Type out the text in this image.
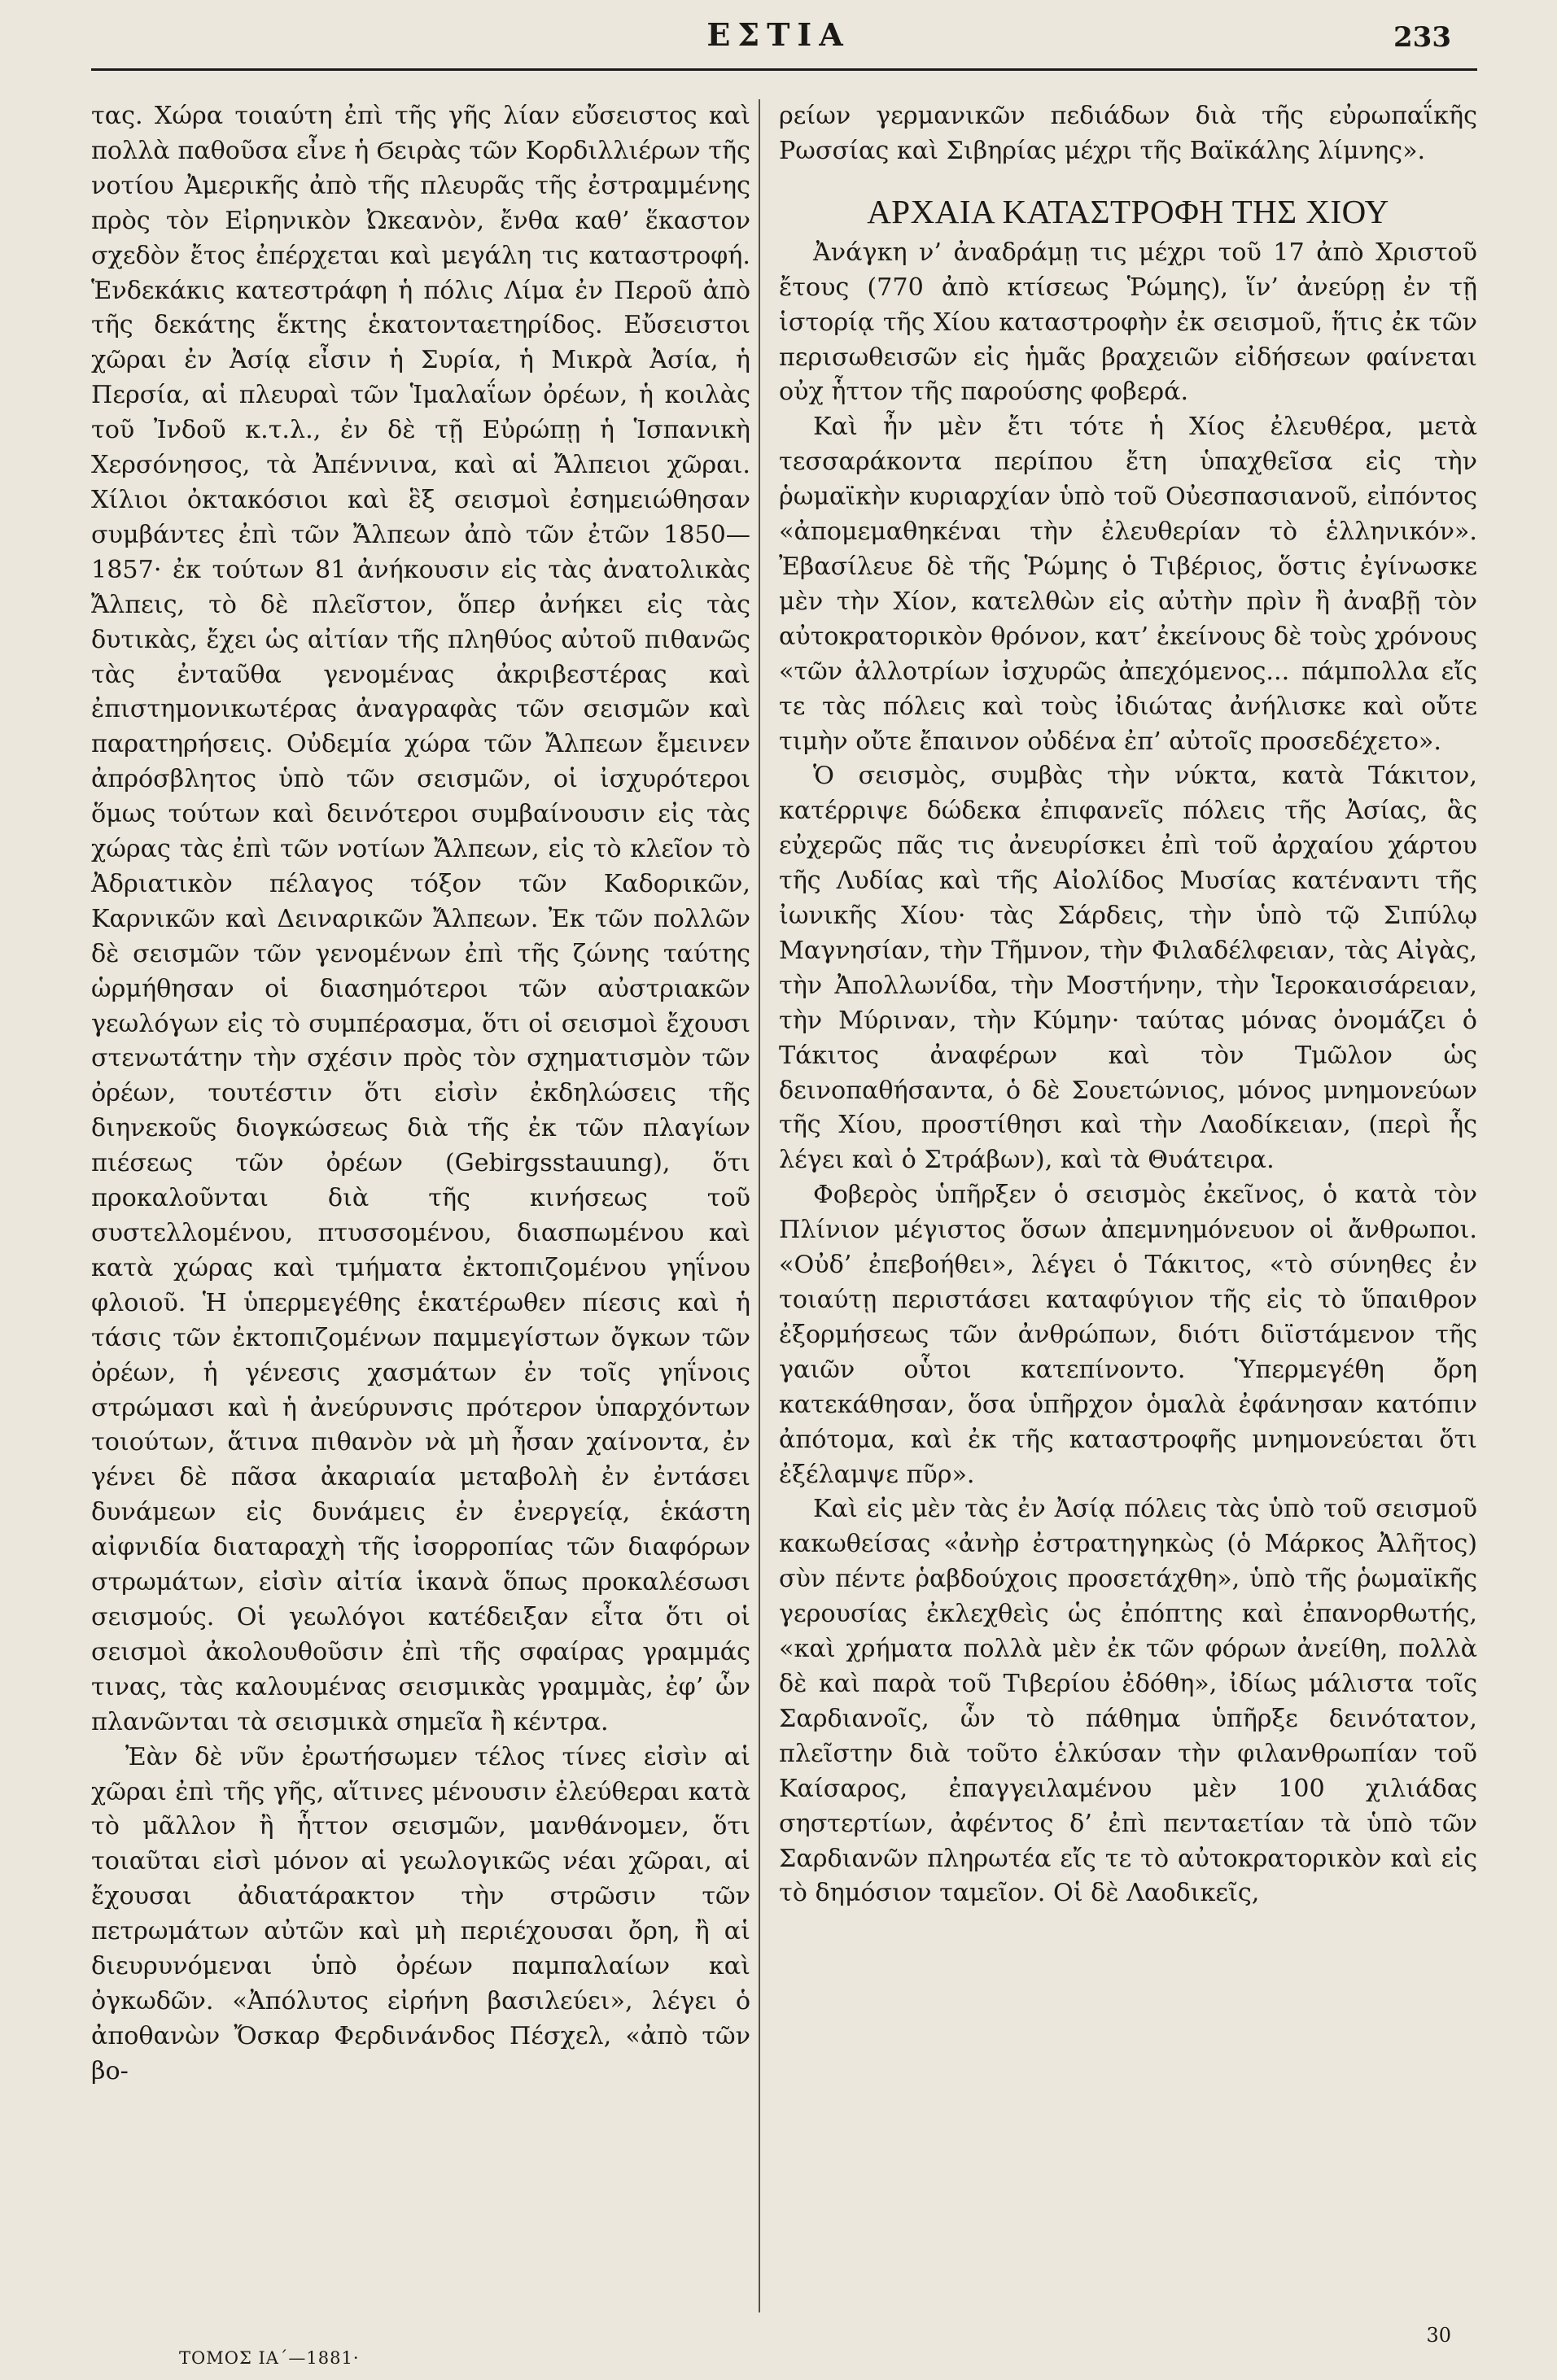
ΕΣΤΙΑ	233

τας. Χώρα τοιαύτη ἐπὶ τῆς γῆς λίαν εὔσειστος καὶ πολλὰ παθοῦσα εἶνε ἡ Ϭειρὰς τῶν Κορδιλλιέρων τῆς νοτίου Ἀμερικῆς ἀπὸ τῆς πλευρᾶς τῆς ἐστραμμένης πρὸς τὸν Εἰρηνικὸν Ὠκεανὸν, ἔνθα καθ’ ἕκαστον σχεδὸν ἔτος ἐπέρχεται καὶ μεγάλη τις καταστροφή. Ἑνδεκάκις κατεστράφη ἡ πόλις Λίμα ἐν Περοῦ ἀπὸ τῆς δεκάτης ἕκτης ἑκατονταετηρίδος. Εὔσειστοι χῶραι ἐν Ἀσίᾳ εἶσιν ἡ Συρία, ἡ Μικρὰ Ἀσία, ἡ Περσία, αἱ πλευραὶ τῶν Ἱμαλαΐων ὀρέων, ἡ κοιλὰς τοῦ Ἰνδοῦ κ.τ.λ., ἐν δὲ τῇ Εὐρώπῃ ἡ Ἱσπανικὴ Χερσόνησος, τὰ Ἀπέννινα, καὶ αἱ Ἄλπειοι χῶραι. Χίλιοι ὀκτακόσιοι καὶ ἓξ σεισμοὶ ἐσημειώθησαν συμβάντες ἐπὶ τῶν Ἄλπεων ἀπὸ τῶν ἐτῶν 1850—1857· ἐκ τούτων 81 ἀνήκουσιν εἰς τὰς ἀνατολικὰς Ἄλπεις, τὸ δὲ πλεῖστον, ὅπερ ἀνήκει εἰς τὰς δυτικὰς, ἔχει ὡς αἰτίαν τῆς πληθύος αὐτοῦ πιθανῶς τὰς ἐνταῦθα γενομένας ἀκριβεστέρας καὶ ἐπιστημονικωτέρας ἀναγραφὰς τῶν σεισμῶν καὶ παρατηρήσεις. Οὐδεμία χώρα τῶν Ἄλπεων ἔμεινεν ἀπρόσβλητος ὑπὸ τῶν σεισμῶν, οἱ ἰσχυρότεροι ὅμως τούτων καὶ δεινότεροι συμβαίνουσιν εἰς τὰς χώρας τὰς ἐπὶ τῶν νοτίων Ἄλπεων, εἰς τὸ κλεῖον τὸ Ἀδριατικὸν πέλαγος τόξον τῶν Καδορικῶν, Καρνικῶν καὶ Δειναρικῶν Ἄλπεων. Ἐκ τῶν πολλῶν δὲ σεισμῶν τῶν γενομένων ἐπὶ τῆς ζώνης ταύτης ὡρμήθησαν οἱ διασημότεροι τῶν αὐστριακῶν γεωλόγων εἰς τὸ συμπέρασμα, ὅτι οἱ σεισμοὶ ἔχουσι στενωτάτην τὴν σχέσιν πρὸς τὸν σχηματισμὸν τῶν ὀρέων, τουτέστιν ὅτι εἰσὶν ἐκδηλώσεις τῆς διηνεκοῦς διογκώσεως διὰ τῆς ἐκ τῶν πλαγίων πιέσεως τῶν ὀρέων (Gebirgsstauung), ὅτι προκαλοῦνται διὰ τῆς κινήσεως τοῦ συστελλομένου, πτυσσομένου, διασπωμένου καὶ κατὰ χώρας καὶ τμήματα ἐκτοπιζομένου γηΐνου φλοιοῦ. Ἡ ὑπερμεγέθης ἑκατέρωθεν πίεσις καὶ ἡ τάσις τῶν ἐκτοπιζομένων παμμεγίστων ὄγκων τῶν ὀρέων, ἡ γένεσις χασμάτων ἐν τοῖς γηΐνοις στρώμασι καὶ ἡ ἀνεύρυνσις πρότερον ὑπαρχόντων τοιούτων, ἅτινα πιθανὸν νὰ μὴ ἦσαν χαίνοντα, ἐν γένει δὲ πᾶσα ἀκαριαία μεταβολὴ ἐν ἐντάσει δυνάμεων εἰς δυνάμεις ἐν ἐνεργείᾳ, ἑκάστη αἰφνιδία διαταραχὴ τῆς ἰσορροπίας τῶν διαφόρων στρωμάτων, εἰσὶν αἰτία ἱκανὰ ὅπως προκαλέσωσι σεισμούς. Οἱ γεωλόγοι κατέδειξαν εἶτα ὅτι οἱ σεισμοὶ ἀκολουθοῦσιν ἐπὶ τῆς σφαίρας γραμμάς τινας, τὰς καλουμένας σεισμικὰς γραμμὰς, ἐφ’ ὧν πλανῶνται τὰ σεισμικὰ σημεῖα ἢ κέντρα.

Ἐὰν δὲ νῦν ἐρωτήσωμεν τέλος τίνες εἰσὶν αἱ χῶραι ἐπὶ τῆς γῆς, αἵτινες μένουσιν ἐλεύθεραι κατὰ τὸ μᾶλλον ἢ ἧττον σεισμῶν, μανθάνομεν, ὅτι τοιαῦται εἰσὶ μόνον αἱ γεωλογικῶς νέαι χῶραι, αἱ ἔχουσαι ἀδιατάρακτον τὴν στρῶσιν τῶν πετρωμάτων αὐτῶν καὶ μὴ περιέχουσαι ὄρη, ἢ αἱ διευρυνόμεναι ὑπὸ ὀρέων παμπαλαίων καὶ ὀγκωδῶν. «Ἀπόλυτος εἰρήνη βασιλεύει», λέγει ὁ ἀποθανὼν Ὄσκαρ Φερδινάνδος Πέσχελ, «ἀπὸ τῶν βο-

ρείων γερμανικῶν πεδιάδων διὰ τῆς εὐρωπαΐκῆς Ρωσσίας καὶ Σιβηρίας μέχρι τῆς Βαϊκάλης λίμνης».

ΑΡΧΑΙΑ ΚΑΤΑΣΤΡΟΦΗ ΤΗΣ ΧΙΟΥ

Ἀνάγκη ν’ ἀναδράμῃ τις μέχρι τοῦ 17 ἀπὸ Χριστοῦ ἔτους (770 ἀπὸ κτίσεως Ῥώμης), ἵν’ ἀνεύρῃ ἐν τῇ ἱστορίᾳ τῆς Χίου καταστροφὴν ἐκ σεισμοῦ, ἥτις ἐκ τῶν περισωθεισῶν εἰς ἡμᾶς βραχειῶν εἰδήσεων φαίνεται οὐχ ἧττον τῆς παρούσης φοβερά.

Καὶ ἦν μὲν ἔτι τότε ἡ Χίος ἐλευθέρα, μετὰ τεσσαράκοντα περίπου ἔτη ὑπαχθεῖσα εἰς τὴν ῥωμαϊκὴν κυριαρχίαν ὑπὸ τοῦ Οὐεσπασιανοῦ, εἰπόντος «ἀπομεμαθηκέναι τὴν ἐλευθερίαν τὸ ἑλληνικόν». Ἐβασίλευε δὲ τῆς Ῥώμης ὁ Τιβέριος, ὅστις ἐγίνωσκε μὲν τὴν Χίον, κατελθὼν εἰς αὐτὴν πρὶν ἢ ἀναβῇ τὸν αὐτοκρατορικὸν θρόνον, κατ’ ἐκείνους δὲ τοὺς χρόνους «τῶν ἀλλοτρίων ἰσχυρῶς ἀπεχόμενος... πάμπολλα εἴς τε τὰς πόλεις καὶ τοὺς ἰδιώτας ἀνήλισκε καὶ οὔτε τιμὴν οὔτε ἔπαινον οὐδένα ἐπ’ αὐτοῖς προσεδέχετο».

Ὁ σεισμὸς, συμβὰς τὴν νύκτα, κατὰ Τάκιτον, κατέρριψε δώδεκα ἐπιφανεῖς πόλεις τῆς Ἀσίας, ἃς εὐχερῶς πᾶς τις ἀνευρίσκει ἐπὶ τοῦ ἀρχαίου χάρτου τῆς Λυδίας καὶ τῆς Αἰολίδος Μυσίας κατέναντι τῆς ἰωνικῆς Χίου· τὰς Σάρδεις, τὴν ὑπὸ τῷ Σιπύλῳ Μαγνησίαν, τὴν Τῆμνον, τὴν Φιλαδέλφειαν, τὰς Αἰγὰς, τὴν Ἀπολλωνίδα, τὴν Μοστήνην, τὴν Ἱεροκαισάρειαν, τὴν Μύριναν, τὴν Κύμην· ταύτας μόνας ὀνομάζει ὁ Τάκιτος ἀναφέρων καὶ τὸν Τμῶλον ὡς δεινοπαθήσαντα, ὁ δὲ Σουετώνιος, μόνος μνημονεύων τῆς Χίου, προστίθησι καὶ τὴν Λαοδίκειαν, (περὶ ἧς λέγει καὶ ὁ Στράβων), καὶ τὰ Θυάτειρα.

Φοβερὸς ὑπῆρξεν ὁ σεισμὸς ἐκεῖνος, ὁ κατὰ τὸν Πλίνιον μέγιστος ὅσων ἀπεμνημόνευον οἱ ἄνθρωποι. «Οὐδ’ ἐπεβοήθει», λέγει ὁ Τάκιτος, «τὸ σύνηθες ἐν τοιαύτῃ περιστάσει καταφύγιον τῆς εἰς τὸ ὕπαιθρον ἐξορμήσεως τῶν ἀνθρώπων, διότι διϊστάμενον τῆς γαιῶν οὗτοι κατεπίνοντο. Ὑπερμεγέθη ὄρη κατεκάθησαν, ὅσα ὑπῆρχον ὁμαλὰ ἐφάνησαν κατόπιν ἀπότομα, καὶ ἐκ τῆς καταστροφῆς μνημονεύεται ὅτι ἐξέλαμψε πῦρ».

Καὶ εἰς μὲν τὰς ἐν Ἀσίᾳ πόλεις τὰς ὑπὸ τοῦ σεισμοῦ κακωθείσας «ἀνὴρ ἐστρατηγηκὼς (ὁ Μάρκος Ἀλῆτος) σὺν πέντε ῥαβδούχοις προσετάχθη», ὑπὸ τῆς ῥωμαϊκῆς γερουσίας ἐκλεχθεὶς ὡς ἐπόπτης καὶ ἐπανορθωτής, «καὶ χρήματα πολλὰ μὲν ἐκ τῶν φόρων ἀνείθη, πολλὰ δὲ καὶ παρὰ τοῦ Τιβερίου ἐδόθη», ἰδίως μάλιστα τοῖς Σαρδιανοῖς, ὧν τὸ πάθημα ὑπῆρξε δεινότατον, πλεῖστην διὰ τοῦτο ἑλκύσαν τὴν φιλανθρωπίαν τοῦ Καίσαρος, ἐπαγγειλαμένου μὲν 100 χιλιάδας σηστερτίων, ἀφέντος δ’ ἐπὶ πενταετίαν τὰ ὑπὸ τῶν Σαρδιανῶν πληρωτέα εἴς τε τὸ αὐτοκρατορικὸν καὶ εἰς τὸ δημόσιον ταμεῖον. Οἱ δὲ Λαοδικεῖς,

ΤΟΜΟΣ ΙΑ΄—1881·
30
